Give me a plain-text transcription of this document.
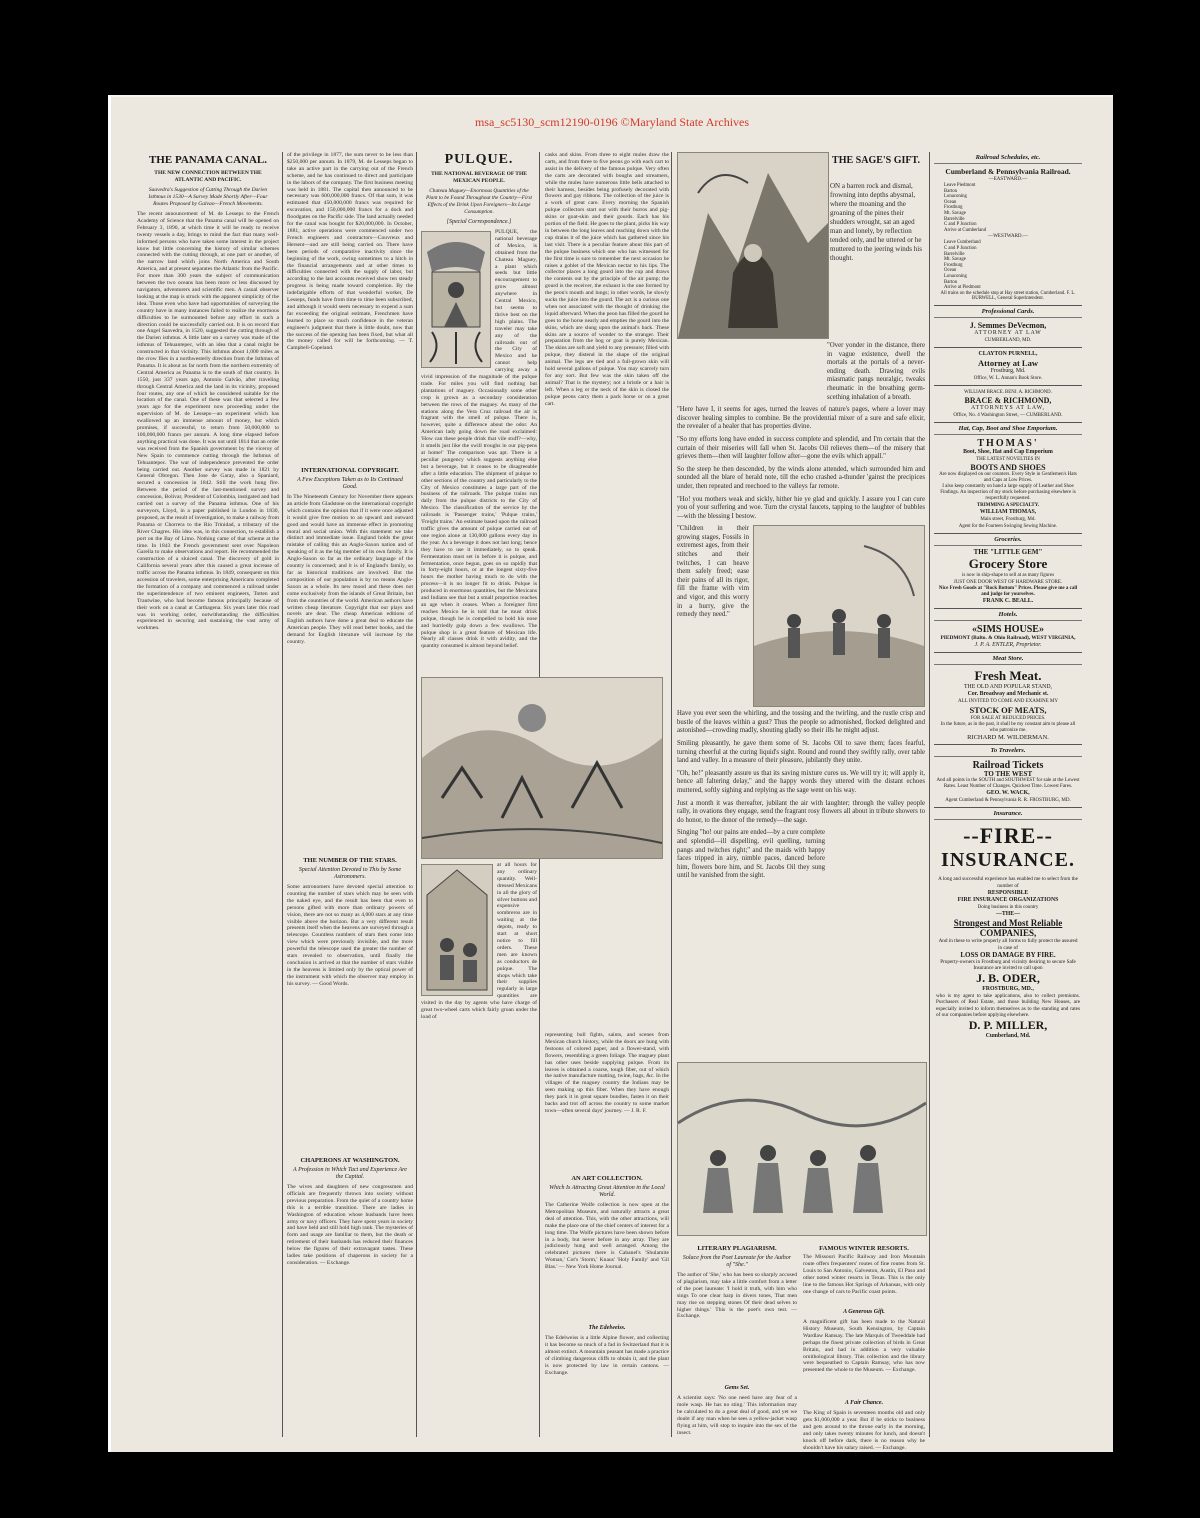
msa_sc5130_scm12190-0196 ©Maryland State Archives
THE PANAMA CANAL.
THE NEW CONNECTION BETWEEN THE ATLANTIC AND PACIFIC.
Saavedra's Suggestion of Cutting Through the Darien Isthmus in 1530—A Survey Made Shortly After—Four Routes Proposed by Galvao—French Movements.
The recent announcement of M. de Lesseps to the French Academy of Science that the Panama canal will be opened on February 3, 1890, at which time it will be ready to receive twenty vessels a day, brings to mind the fact that many well-informed persons who have taken some interest in the project know but little concerning the history of similar schemes connected with the cutting through, at one part or another, of the narrow land which joins North America and South America, and at present separates the Atlantic from the Pacific. For more than 300 years the subject of communication between the two oceans has been more or less discussed by navigators, adventurers and scientific men. A casual observer looking at the map is struck with the apparent simplicity of the idea. Those even who have had opportunities of surveying the country have in many instances failed to realize the enormous difficulties to be surmounted before any effort in such a direction could be successfully carried out. It is on record that one Angel Saavedra, in 1520, suggested the cutting through of the Darien isthmus. A little later on a survey was made of the isthmus of Tehuantepec, with an idea that a canal might be constructed in that vicinity. This isthmus about 1,000 miles as the crow flies in a northwesterly direction from the Isthmus of Panama. It is about as far north from the northern extremity of Central America as Panama is to the south of that country. In 1550, just 337 years ago, Antonio Galvão, after traveling through Central America and the land in its vicinity, proposed four routes, any one of which he considered suitable for the location of the canal. One of these was that selected a few years ago for the experiment now proceeding under the supervision of M. de Lesseps—an experiment which has swallowed up an immense amount of money, but which promises, if successful, to return from 50,000,000 to 100,000,000 francs per annum. A long time elapsed before anything practical was done. It was not until 1814 that an order was received from the Spanish government by the viceroy of New Spain to commence cutting through the Isthmus of Tehuantepec. The war of independence prevented the order being carried out. Another survey was made in 1821 by General Obregon. Then Jose de Garay, also a Spaniard, secured a concession in 1842. Still the work hung fire. Between the period of the last-mentioned survey and concession, Bolivar, President of Colombia, instigated and had carried out a survey of the Panama isthmus. One of his surveyors, Lloyd, in a paper published in London in 1830, proposed, as the result of investigation, to make a railway from Panama or Chorrera to the Rio Trinidad, a tributary of the River Chagres. His idea was, in this connection, to establish a port on the Bay of Limo. Nothing came of that scheme at the time. In 1843 the French government sent over Napoleon Garella to make observations and report. He recommended the construction of a sluiced canal. The discovery of gold in California several years after this caused a great increase of traffic across the Panama isthmus. In 1849, consequent on this accession of travelers, some enterprising Americans completed the formation of a company and commenced a railroad under the superintendence of two eminent engineers, Totten and Trautwine, who had become famous principally because of their work on a canal at Carthagena. Six years later this road was in working order, notwithstanding the difficulties experienced in securing and sustaining the vast army of workmen.
of the privilege in 1877, the sum never to be less than $250,000 per annum. In 1879, M. de Lesseps began to take an active part in the carrying out of the French scheme, and he has continued to direct and participate in the labors of the company. The first business meeting was held in 1881. The capital then announced to be necessary was 600,000,000 francs. Of that sum, it was estimated that 450,000,000 francs was required for excavation, and 150,000,000 francs for a dock and floodgates on the Pacific side. The land actually needed for the canal was bought for $20,000,000. In October, 1881, active operations were commenced under two French engineers and contractors—Couvreux and Hersent—and are still being carried on. There have been periods of comparative inactivity since the beginning of the work, owing sometimes to a hitch in the financial arrangements and at other times to difficulties connected with the supply of labor, but according to the last accounts received show ten steady progress is being made toward completion. By the indefatigable efforts of that wonderful worker, De Lesseps, funds have from time to time been subscribed, and although it would seem necessary to expend a sum far exceeding the original estimate, Frenchmen have learned to place so much confidence in the veteran engineer's judgment that there is little doubt, now that the success of the opening has been fixed, but what all the money called for will be forthcoming. — T. Campbell-Copeland.
INTERNATIONAL COPYRIGHT.
A Few Exceptions Taken as to Its Continued Good.
In The Nineteenth Century for November there appears an article from Gladstone on the international copyright which contains the opinion that if it were once adjusted it would give free motion to an upward and outward good and would have an immense effect in promoting moral and social union. With this statement we take distinct and immediate issue. England holds the great mistake of calling this an Anglo-Saxon nation and of speaking of it as the big member of its own family. It is Anglo-Saxon so far as the ordinary language of the country is concerned; and it is of England's family, so far as historical traditions are involved. But the composition of our population is by no means Anglo-Saxon as a whole. Its new mood and these does not come exclusively from the islands of Great Britain, but from the countries of the world. American authors have written cheap literature. Copyright that our plays and novels are dear. The cheap American editions of English authors have done a great deal to educate the American people. They will read better books, and the demand for English literature will increase by the country.
THE NUMBER OF THE STARS.
Special Attention Devoted to This by Some Astronomers.
Some astronomers have devoted special attention to counting the number of stars which may be seen with the naked eye, and the result has been that even to persons gifted with more than ordinary powers of vision, there are not so many as 4,000 stars at any time visible above the horizon. But a very different result presents itself when the heavens are surveyed through a telescope. Countless numbers of stars then come into view which were previously invisible, and the more powerful the telescope used the greater the number of stars revealed to observation, until finally the conclusion is arrived at that the number of stars visible in the heavens is limited only by the optical power of the instrument with which the observer may employ in his survey. — Good Words.
CHAPERONS AT WASHINGTON.
A Profession in Which Tact and Experience Are the Capital.
The wives and daughters of new congressmen and officials are frequently thrown into society without previous preparation. From the quiet of a country home this is a terrible transition. There are ladies in Washington of education whose husbands have been army or navy officers. They have spent years in society and have held and still hold high rank. The mysteries of form and usage are familiar to them, but the death or retirement of their husbands has reduced their finances below the figures of their extravagant tastes. These ladies take positions of chaperons in society for a consideration. — Exchange.
PULQUE.
THE NATIONAL BEVERAGE OF THE MEXICAN PEOPLE.
Chateau Maguey—Enormous Quantities of the Plant to be Found Throughout the Country—First Effects of the Drink Upon Foreigners—Its Large Consumption.
[Special Correspondence.]
PULQUE, the national beverage of Mexico, is obtained from the Chateau Maguey, a plant which seeds but little encouragement to grow almost anywhere in Central Mexico, but seems to thrive best on the high plains. The traveler may take any of the railroads out of the City of Mexico and he cannot help carrying away a vivid impression of the magnitude of the pulque trade. For miles you will find nothing but plantations of maguey. Occasionally some other crop is grown as a secondary consideration between the rows of the maguey. As many of the stations along the Vera Cruz railroad the air is fragrant with the smell of pulque. There is, however, quite a difference about the odor. An American lady going down the road exclaimed: 'How can these people drink that vile stuff?—why, it smells just like the swill troughs in our pig-pens at home!' The comparison was apt. There is a peculiar pungency which suggests anything else but a beverage, but it ceases to be disagreeable after a little education. The shipment of pulque to other sections of the country and particularly to the City of Mexico constitutes a large part of the business of the railroads. The pulque trains run daily from the pulque districts to the City of Mexico. The classification of the service by the railroads is 'Passenger trains,' 'Pulque trains,' 'Freight trains.' An estimate based upon the railroad traffic gives the amount of pulque carried out of one region alone at 130,000 gallons every day in the year. As a beverage it does not last long; hence they have to use it immediately, so to speak. Fermentation must set in before it is pulque, and fermentation, once begun, goes on so rapidly that in forty-eight hours, or at the longest sixty-five hours the mother having much to do with the process—it is no longer fit to drink. Pulque is produced in enormous quantities, but the Mexicans and Indians see that but a small proportion reaches an age when it ceases. When a foreigner first reaches Mexico he is told that he must drink pulque, though he is compelled to hold his nose and hurriedly gulp down a few swallows. The pulque shop is a great feature of Mexican life. Nearly all classes drink it with avidity, and the quantity consumed is almost beyond belief.
at all hours for any ordinary quantity. Well-dressed Mexicans in all the glory of silver buttons and expensive sombreros are in waiting at the depots, ready to start at short notice to fill orders. These men are known as conductors de pulque. The shops which take their supplies regularly in large quantities are visited in the day by agents who have charge of great two-wheel carts which fairly groan under the load of
casks and skins. From three to eight mules draw the carts, and from three to five peons go with each cart to assist in the delivery of the famous pulque. Very often the carts are decorated with boughs and streamers, while the mules have numerous little bells attached to their harness, besides being profusely decorated with flowers and gay ribbons. The collection of the juice is a work of great care. Every morning the Spanish pulque collectors start out with their burros and pig-skins or goat-skin and their gourds. Each has his portion of the field. He goes to the plant, picks his way in between the long leaves and reaching down with the cup drains it of the juice which has gathered since his last visit. There is a peculiar feature about this part of the pulque business which one who has witnessed for the first time is sure to remember the next occasion he raises a goblet of the Mexican nectar to his lips. The collector places a long gourd into the cup and draws the contents out by the principle of the air pump; the gourd is the receiver, the exhaust is the one formed by the peon's mouth and lungs; in other words, he slowly sucks the juice into the gourd. The act is a curious one when not associated with the thought of drinking the liquid afterward. When the peon has filled the gourd he goes to the horse nearly and empties the gourd into the skins, which are slung upon the animal's back. These skins are a source of wonder to the stranger. Their preparation from the hog or goat is purely Mexican. The skins are soft and yield to any pressure; filled with pulque, they distend in the shape of the original animal. The legs are tied and a full-grown skin will hold several gallons of pulque. You may scarcely turn for any sort. But few was the skin taken off the animal? That is the mystery; not a bristle or a hair is left. When a leg or the neck of the skin is closed the pulque peons carry them a pack horse or on a great cart.
representing bull fights, saints, and scenes from Mexican church history, while the doors are hung with festoons of colored paper, and a flower-stand, with flowers, resembling a green foliage. The maguey plant has other uses beside supplying pulque. From its leaves is obtained a coarse, tough fiber, out of which the native manufacture matting, twine, bags, &c. In the villages of the maguey country the Indians may be seen making up this fiber. When they have enough they pack it in great square bundles, fasten it on their backs and trot off across the country to some market town—often several days' journey. — J. R. F.
AN ART COLLECTION.
Which Is Attracting Great Attention in the Local World.
The Catherine Wolfe collection is now open at the Metropolitan Museum, and naturally attracts a great deal of attention. This, with the other attractions, will make the place one of the chief centers of interest for a long time. The Wolfe pictures have been shown before in a body, but never before in any array. They are judiciously hung and well arranged. Among the celebrated pictures there is Cabanel's 'Shulamite Woman,' Cot's 'Storm,' Knaus' 'Holy Family' and 'Gil Blas.' — New York Home Journal.
The Edelweiss.
The Edelweiss is a little Alpine flower, and collecting it has become so much of a fad in Switzerland that it is almost extinct. A mountain peasant has made a practice of climbing dangerous cliffs to obtain it, and the plant is now protected by law in certain cantons. — Exchange.
THE SAGE'S GIFT.
ON a barren rock and dismal, frowning into depths abysmal, where the moaning and the groaning of the pines their shudders wrought, sat an aged man and lonely, by reflection tended only, and he uttered or he muttered to the jeering winds his thought.

"Over yonder in the distance, there in vague existence, dwell the mortals at the portals of a never-ending death. Drawing evils miasmatic pangs neuralgic, tweaks rheumatic in the breathing germ-scething inhalation of a breath.

"Here have I, it seems for ages, turned the leaves of nature's pages, where a lover may discover healing simples to combine. Be the providential mixer of a sure and safe elixir, the revealer of a healer that has properties divine.

"So my efforts long have ended in success complete and splendid, and I'm certain that the curtain of their miseries will fall when St. Jacobs Oil relieves them—of the misery that grieves them—then will laughter follow after—gone the evils which appall."

So the steep he then descended, by the winds alone attended, which surrounded him and sounded all the blare of herald note, till the echo crashed a-thunder 'gainst the precipices under, then repeated and reechoed to the valleys far remote.

"Ho! you mothers weak and sickly, hither hie ye glad and quickly. I assure you I can cure you of your suffering and woe. Turn the crystal faucets, tapping to the laughter of bubbles—with the blessing I bestow.

"Children in their growing stages, Fossils in extremest ages, from their stitches and their twitches, I can heave them safely freed; ease their pains of all its rigor, fill the frame with vim and vigor, and this worry in a hurry, give the remedy they need."

Have you ever seen the whirling, and the tossing and the twirling, and the rustle crisp and bustle of the leaves within a gust? Thus the people so admonished, flocked delighted and astonished—crowding madly, shouting gladly so their ills he might adjust.

Smiling pleasantly, he gave them some of St. Jacobs Oil to save them; faces fearful, turning cheerful at the curing liquid's sight. Round and round they swiftly rally, over table land and valley. In a measure of their pleasure, jubilantly they unite.

"Oh, he!" pleasantly assure us that its saving mixture cures us. We will try it; will apply it, hence all faltering delay," and the happy words they uttered with the distant echoes muttered, softly sighing and replying as the sage went on his way.

Just a month it was thereafter, jubilant the air with laughter; through the valley people rally, in ovations they engage, send the fragrant rosy flowers all about in tribute showers to do honor, to the donor of the remedy—the sage.

Singing "ho! our pains are ended—by a cure complete and splendid—ill dispelling, evil quelling, turning pangs and twitches right;" and the maids with happy faces tripped in airy, nimble paces, danced before him, flowers bore him, and St. Jacobs Oil they sung until he vanished from the sight.

LITERARY PLAGIARISM.
Solace from the Poet Laureate for the Author of "She."
The author of 'She,' who has been so sharply accused of plagiarism, may take a little comfort from a letter of the poet laureate: 'I hold it truth, with him who sings To one clear harp in divers tones, That men may rise on stepping stones Of their dead selves to higher things.' This is the poet's own test. — Exchange.
Gems Set.
A scientist says: 'No one need have any fear of a mole wasp. He has no sting.' This information may be calculated to do a great deal of good, and yet we doubt if any man when he sees a yellow-jacket wasp flying at him, will stop to inquire into the sex of the insect.
FAMOUS WINTER RESORTS.
The Missouri Pacific Railway and Iron Mountain route offers frequenters' routes of fine routes from St. Louis to San Antonio, Galveston, Austin, El Paso and other noted winter resorts in Texas. This is the only line to the famous Hot Springs of Arkansas, with only one change of cars to Pacific coast points.
A Generous Gift.
A magnificent gift has been made to the Natural History Museum, South Kensington, by Captain Wardlaw Ramsay. The late Marquis of Tweeddale had perhaps the finest private collection of birds in Great Britain, and had in addition a very valuable ornithological library. This collection and the library were bequeathed to Captain Ramsay, who has now presented the whole to the Museum. — Exchange.
A Fair Chance.
The King of Spain is seventeen months old and only gets $1,000,000 a year. But if he sticks to business and gets around to the throne early in the morning, and only takes twenty minutes for lunch, and doesn't knock off before dark, there is no reason why he shouldn't have his salary raised. — Exchange.
Railroad Schedules, etc.
Cumberland & Pennsylvania Railroad.
—EASTWARD.—
Leave Piedmont
Barton
Lonaconing
Ocean
Frostburg
Mt. Savage
Barrelville
C and P Junction
Arrive at Cumberland
—WESTWARD.—
Leave Cumberland
C and P Junction
Barrelville
Mt. Savage
Frostburg
Ocean
Lonaconing
Barton
Arrive at Piedmont
All trains on the schedule stop at Hay street station, Cumberland. F. L. BURWELL, General Superintendent.
Professional Cards.
J. Semmes DeVecmon,
ATTORNEY AT LAW
CUMBERLAND, MD.
CLAYTON PURNELL,
Attorney at Law
Frostburg, Md.
Office, W. L. Annan's Book Store.
WILLIAM BRACE. BENJ. A. RICHMOND.
BRACE & RICHMOND,
ATTORNEYS AT LAW,
Office, No. 4 Washington Street, — CUMBERLAND.
Hat, Cap, Boot and Shoe Emporium.
THOMAS'
Boot, Shoe, Hat and Cap Emporium
THE LATEST NOVELTIES IN
BOOTS AND SHOES
Are now displayed on our counters. Every Style in Gentlemen's Hats and Caps at Low Prices.
I also keep constantly on hand a large supply of Leather and Shoe Findings. An inspection of my stock before purchasing elsewhere is respectfully requested.
TRIMMING A SPECIALTY.
WILLIAM THOMAS,
Main street, Frostburg, Md.
Agent for the Fourteen Swinging Sewing Machine.
Groceries.
THE "LITTLE GEM"
Grocery Store
is now in ship-shape to sell at as many figures
JUST ONE DOOR WEST OF HARDWARE STORE.
Nice Fresh Goods at "Rock Bottom" Prices. Please give me a call and judge for yourselves.
FRANK C. BEALL.
Hotels.
«SIMS HOUSE»
PIEDMONT (Balto. & Ohio Railroad), WEST VIRGINIA,
J. P. A. ENTLER, Proprietor.
Meat Store.
Fresh Meat.
THE OLD AND POPULAR STAND,
Cor. Broadway and Mechanic st.
ALL INVITED TO COME AND EXAMINE MY
STOCK OF MEATS,
FOR SALE AT REDUCED PRICES.
In the future, as in the past, it shall be my constant aim to please all who patronize me.
RICHARD M. WILDERMAN.
To Travelers.
Railroad Tickets
TO THE WEST
And all points in the SOUTH and SOUTHWEST for sale at the Lowest Rates. Least Number of Changes. Quickest Time. Lowest Fares.
GEO. W. WACK,
Agent Cumberland & Pennsylvania R. R. FROSTBURG, MD.
Insurance.
--FIRE--
INSURANCE.
A long and successful experience has enabled me to select from the number of
RESPONSIBLE
FIRE INSURANCE ORGANIZATIONS
Doing business in this country
—THE—
Strongest and Most Reliable
COMPANIES,
And in these to write properly all forms to fully protect the assured in case of
LOSS OR DAMAGE BY FIRE.
Property-owners in Frostburg and vicinity desiring to secure Safe Insurance are invited to call upon
J. B. ODER,
FROSTBURG, MD.,
who is my agent to take applications, also to collect premiums. Purchasers of Real Estate, and those building New Houses, are especially invited to inform themselves as to the standing and rates of our companies before applying elsewhere.
D. P. MILLER,
Cumberland, Md.
